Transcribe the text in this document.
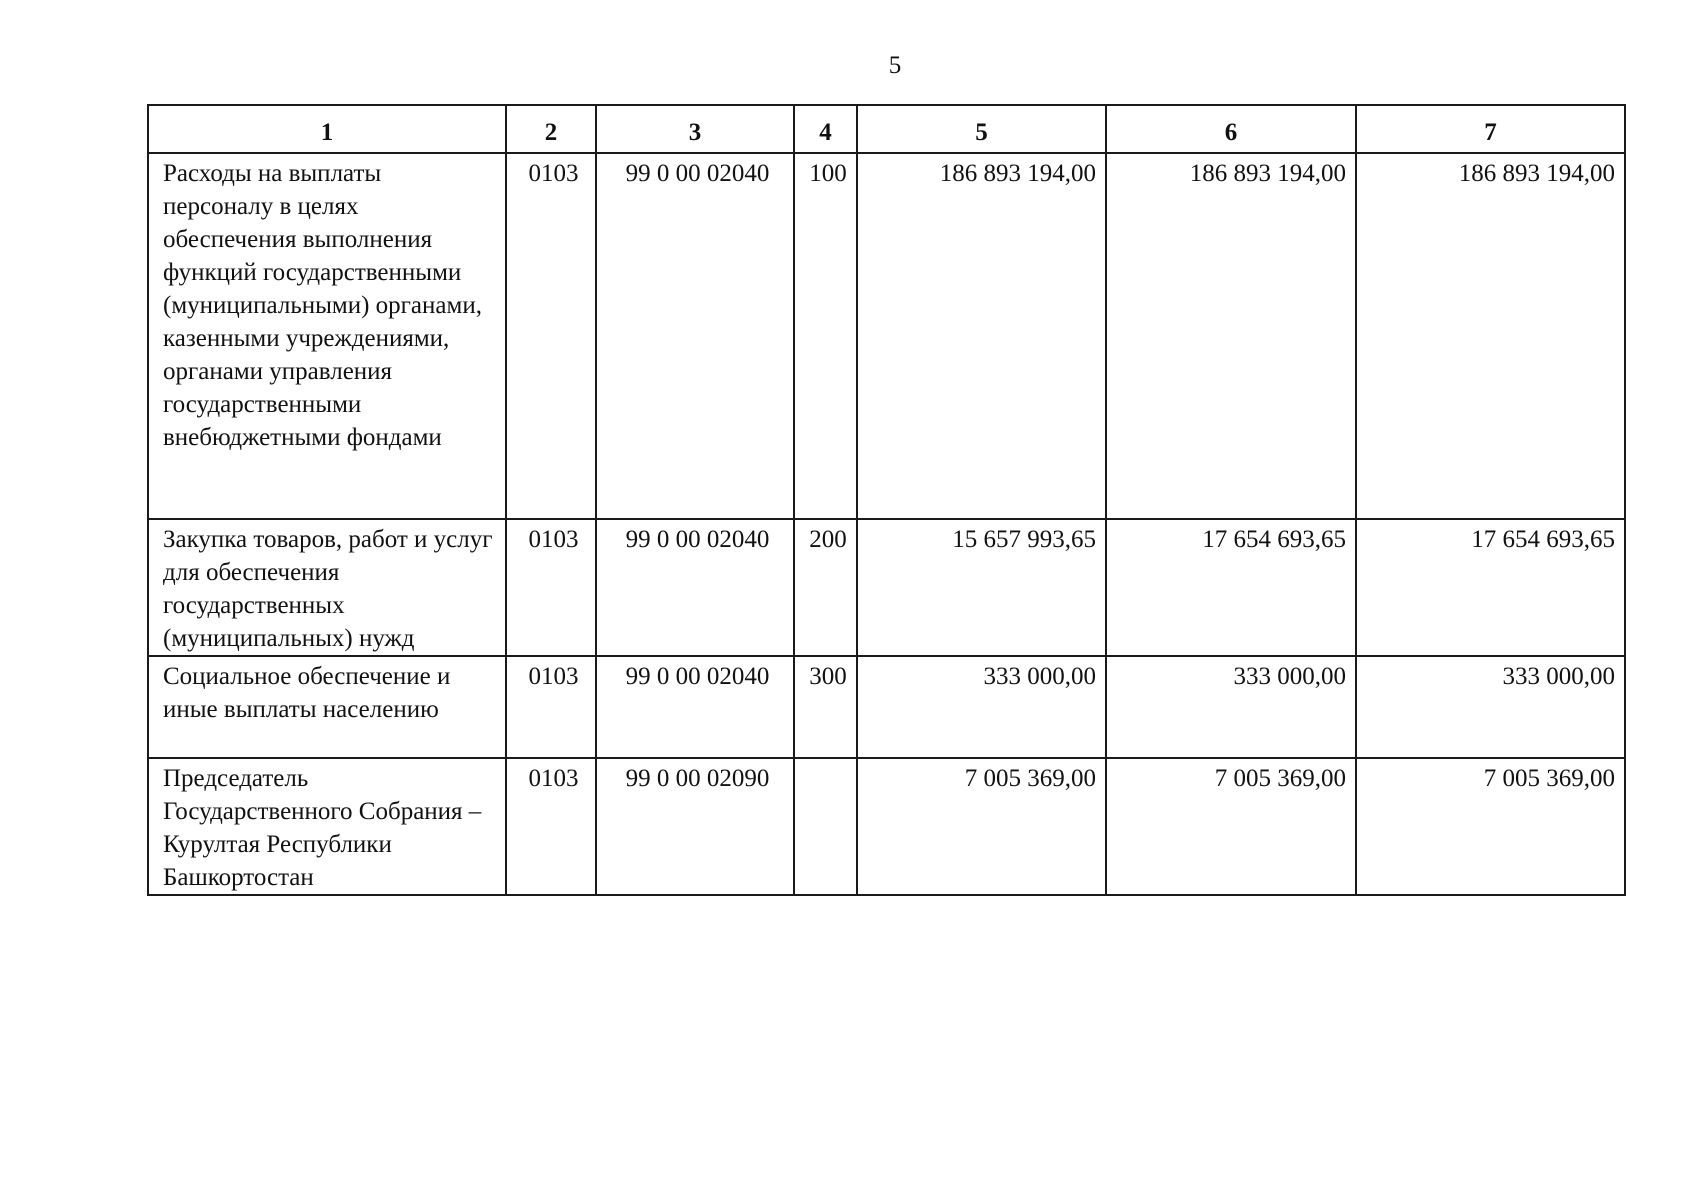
5
1	2	3	4	5	6	7
Расходы на выплаты персоналу в целях обеспечения выполнения функций государственными (муниципальными) органами, казенными учреждениями, органами управления государственными внебюджетными фондами	0103	99 0 00 02040	100	186 893 194,00	186 893 194,00	186 893 194,00
Закупка товаров, работ и услуг для обеспечения государственных (муниципальных) нужд	0103	99 0 00 02040	200	15 657 993,65	17 654 693,65	17 654 693,65
Социальное обеспечение и иные выплаты населению	0103	99 0 00 02040	300	333 000,00	333 000,00	333 000,00
Председатель Государственного Собрания – Курултая Республики Башкортостан	0103	99 0 00 02090		7 005 369,00	7 005 369,00	7 005 369,00
